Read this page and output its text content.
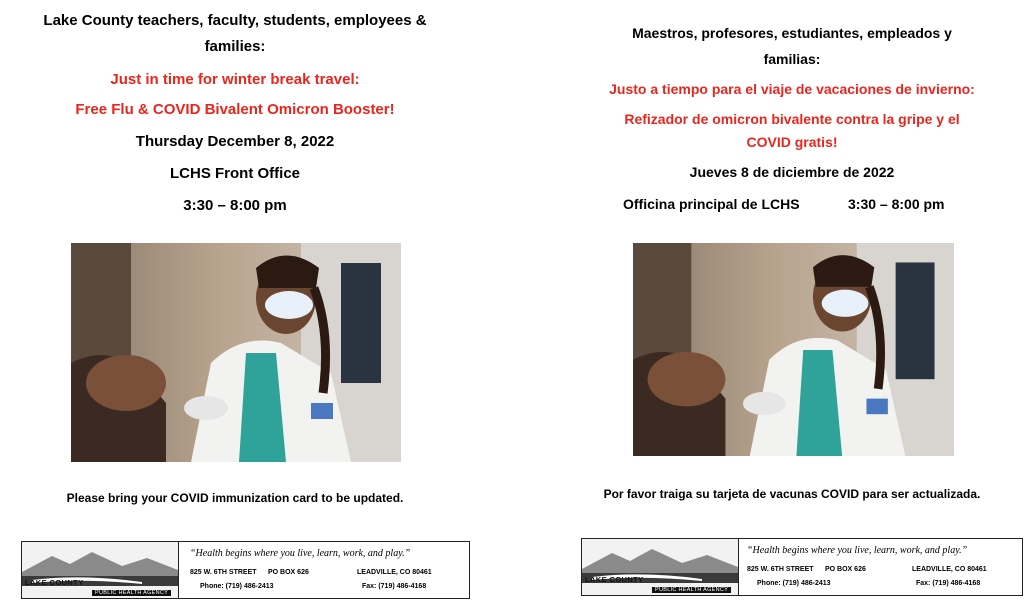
Lake County teachers, faculty, students, employees &
families:
Just in time for winter break travel:
Free Flu & COVID Bivalent Omicron Booster!
Thursday December 8, 2022
LCHS Front Office
3:30 – 8:00 pm
Please bring your COVID immunization card to be updated.
LAKE COUNTY
PUBLIC HEALTH AGENCY
“Health begins where you live, learn, work, and play.”
825 W. 6TH STREET PO BOX 626	LEADVILLE, CO 80461
Phone: (719) 486-2413	Fax: (719) 486-4168
Maestros, profesores, estudiantes, empleados y
familias:
Justo a tiempo para el viaje de vacaciones de invierno:
Refizador de omicron bivalente contra la gripe y el
COVID gratis!
Jueves 8 de diciembre de 2022
Officina principal de LCHS	3:30 – 8:00 pm
Por favor traiga su tarjeta de vacunas COVID para ser actualizada.
LAKE COUNTY
PUBLIC HEALTH AGENCY
“Health begins where you live, learn, work, and play.”
825 W. 6TH STREET PO BOX 626	LEADVILLE, CO 80461
Phone: (719) 486-2413	Fax: (719) 486-4168
